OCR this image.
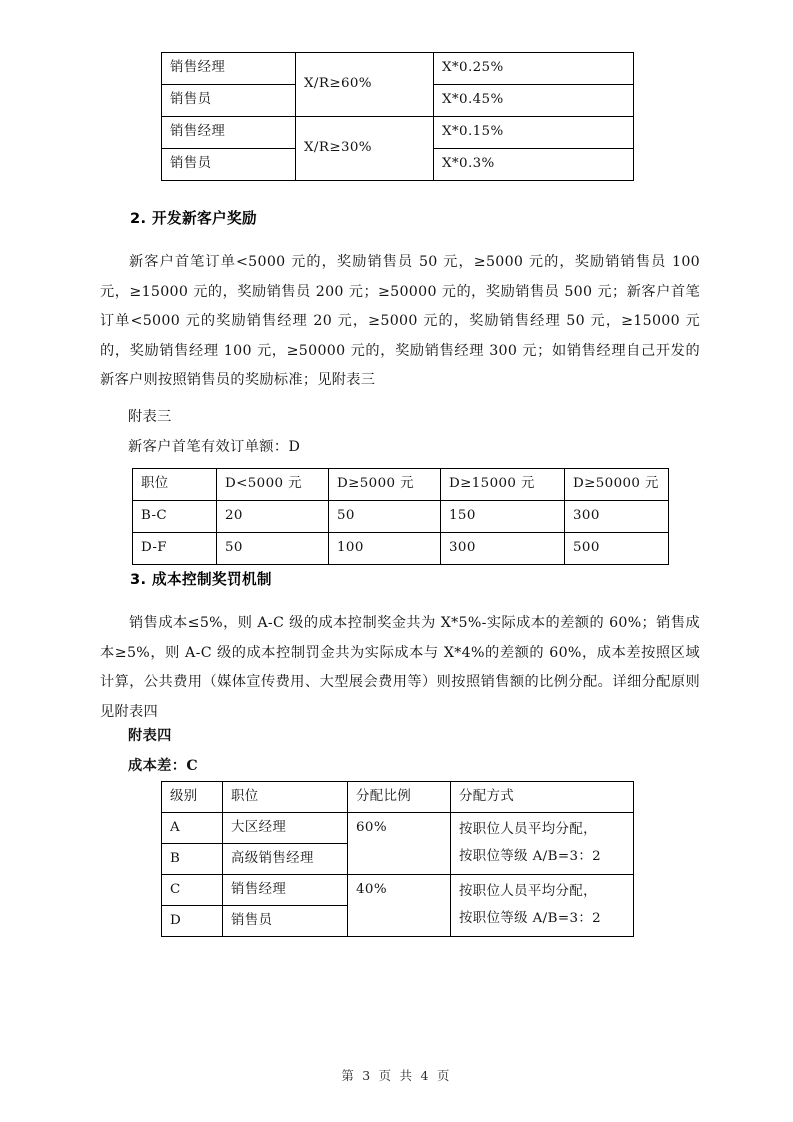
销售经理	X/R≥60%	X*0.25%
销售员		X*0.45%
销售经理	X/R≥30%	X*0.15%
销售员		X*0.3%
2. 开发新客户奖励
新客户首笔订单<5000 元的，奖励销售员 50 元，≥5000 元的，奖励销销售员 100 元，≥15000 元的，奖励销售员 200 元；≥50000 元的，奖励销售员 500 元；新客户首笔订单<5000 元的奖励销售经理 20 元，≥5000 元的，奖励销售经理 50 元，≥15000 元的，奖励销售经理 100 元，≥50000 元的，奖励销售经理 300 元；如销售经理自己开发的新客户则按照销售员的奖励标准；见附表三
附表三
新客户首笔有效订单额：D
职位	D<5000 元	D≥5000 元	D≥15000 元	D≥50000 元
B-C	20	50	150	300
D-F	50	100	300	500
3. 成本控制奖罚机制
销售成本≤5%，则 A-C 级的成本控制奖金共为 X*5%-实际成本的差额的 60%；销售成本≥5%，则 A-C 级的成本控制罚金共为实际成本与 X*4%的差额的 60%，成本差按照区域计算，公共费用（媒体宣传费用、大型展会费用等）则按照销售额的比例分配。详细分配原则见附表四
附表四
成本差：C
级别	职位	分配比例	分配方式
A	大区经理	60%	按职位人员平均分配，
按职位等级 A/B=3：2

B	高级销售经理		
C	销售经理	40%	按职位人员平均分配，
按职位等级 A/B=3：2

D	销售员		
第 3 页 共 4 页
